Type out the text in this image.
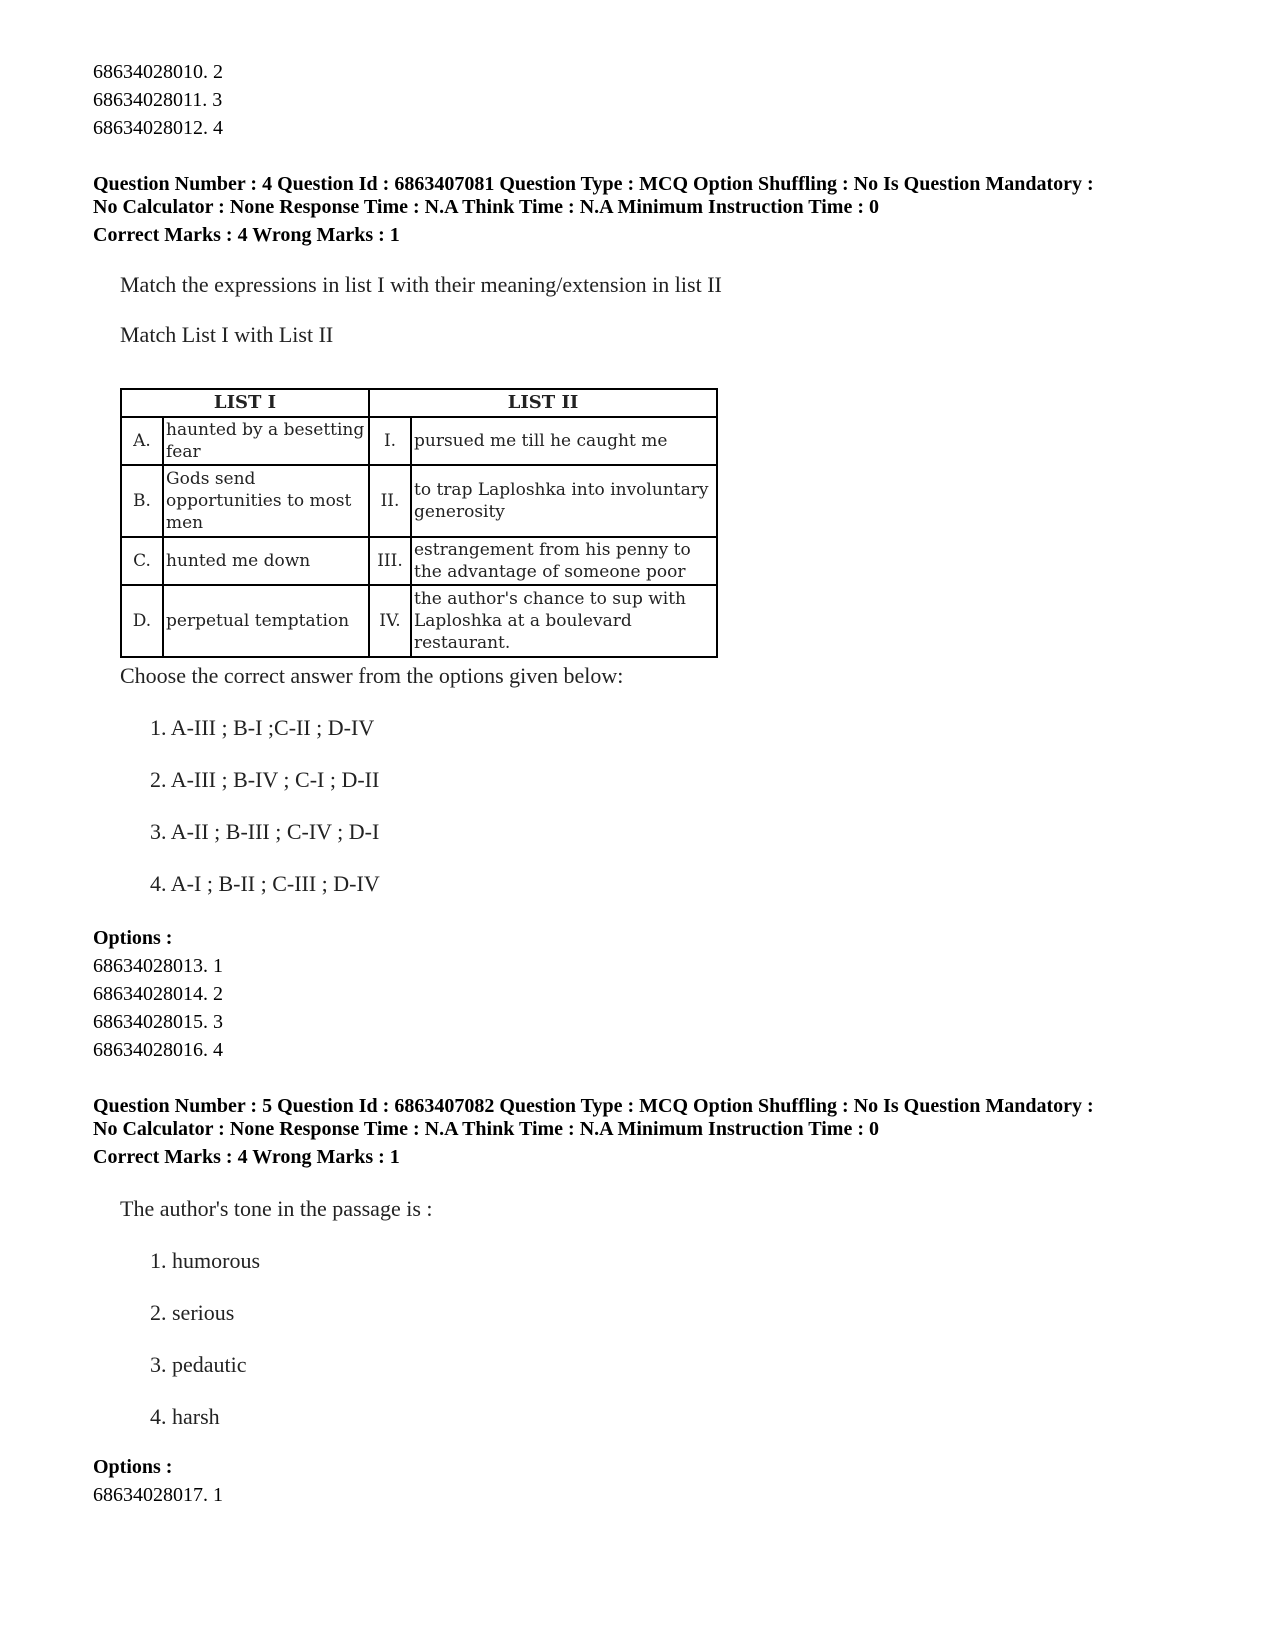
68634028010. 2
68634028011. 3
68634028012. 4
Question Number : 4 Question Id : 6863407081 Question Type : MCQ Option Shuffling : No Is Question Mandatory :
No Calculator : None Response Time : N.A Think Time : N.A Minimum Instruction Time : 0
Correct Marks : 4 Wrong Marks : 1
Match the expressions in list I with their meaning/extension in list II
Match List I with List II
LIST I		LIST II	
A.	haunted by a besetting fear	I.	pursued me till he caught me
B.	Gods send opportunities to most men	II.	to trap Laploshka into involuntary generosity
C.	hunted me down	III.	estrangement from his penny to the advantage of someone poor
D.	perpetual temptation	IV.	the author's chance to sup with Laploshka at a boulevard restaurant.
Choose the correct answer from the options given below:
1. A-III ; B-I ;C-II ; D-IV
2. A-III ; B-IV ; C-I ; D-II
3. A-II ; B-III ; C-IV ; D-I
4. A-I ; B-II ; C-III ; D-IV
Options :
68634028013. 1
68634028014. 2
68634028015. 3
68634028016. 4
Question Number : 5 Question Id : 6863407082 Question Type : MCQ Option Shuffling : No Is Question Mandatory :
No Calculator : None Response Time : N.A Think Time : N.A Minimum Instruction Time : 0
Correct Marks : 4 Wrong Marks : 1
The author's tone in the passage is :
1. humorous
2. serious
3. pedautic
4. harsh
Options :
68634028017. 1
